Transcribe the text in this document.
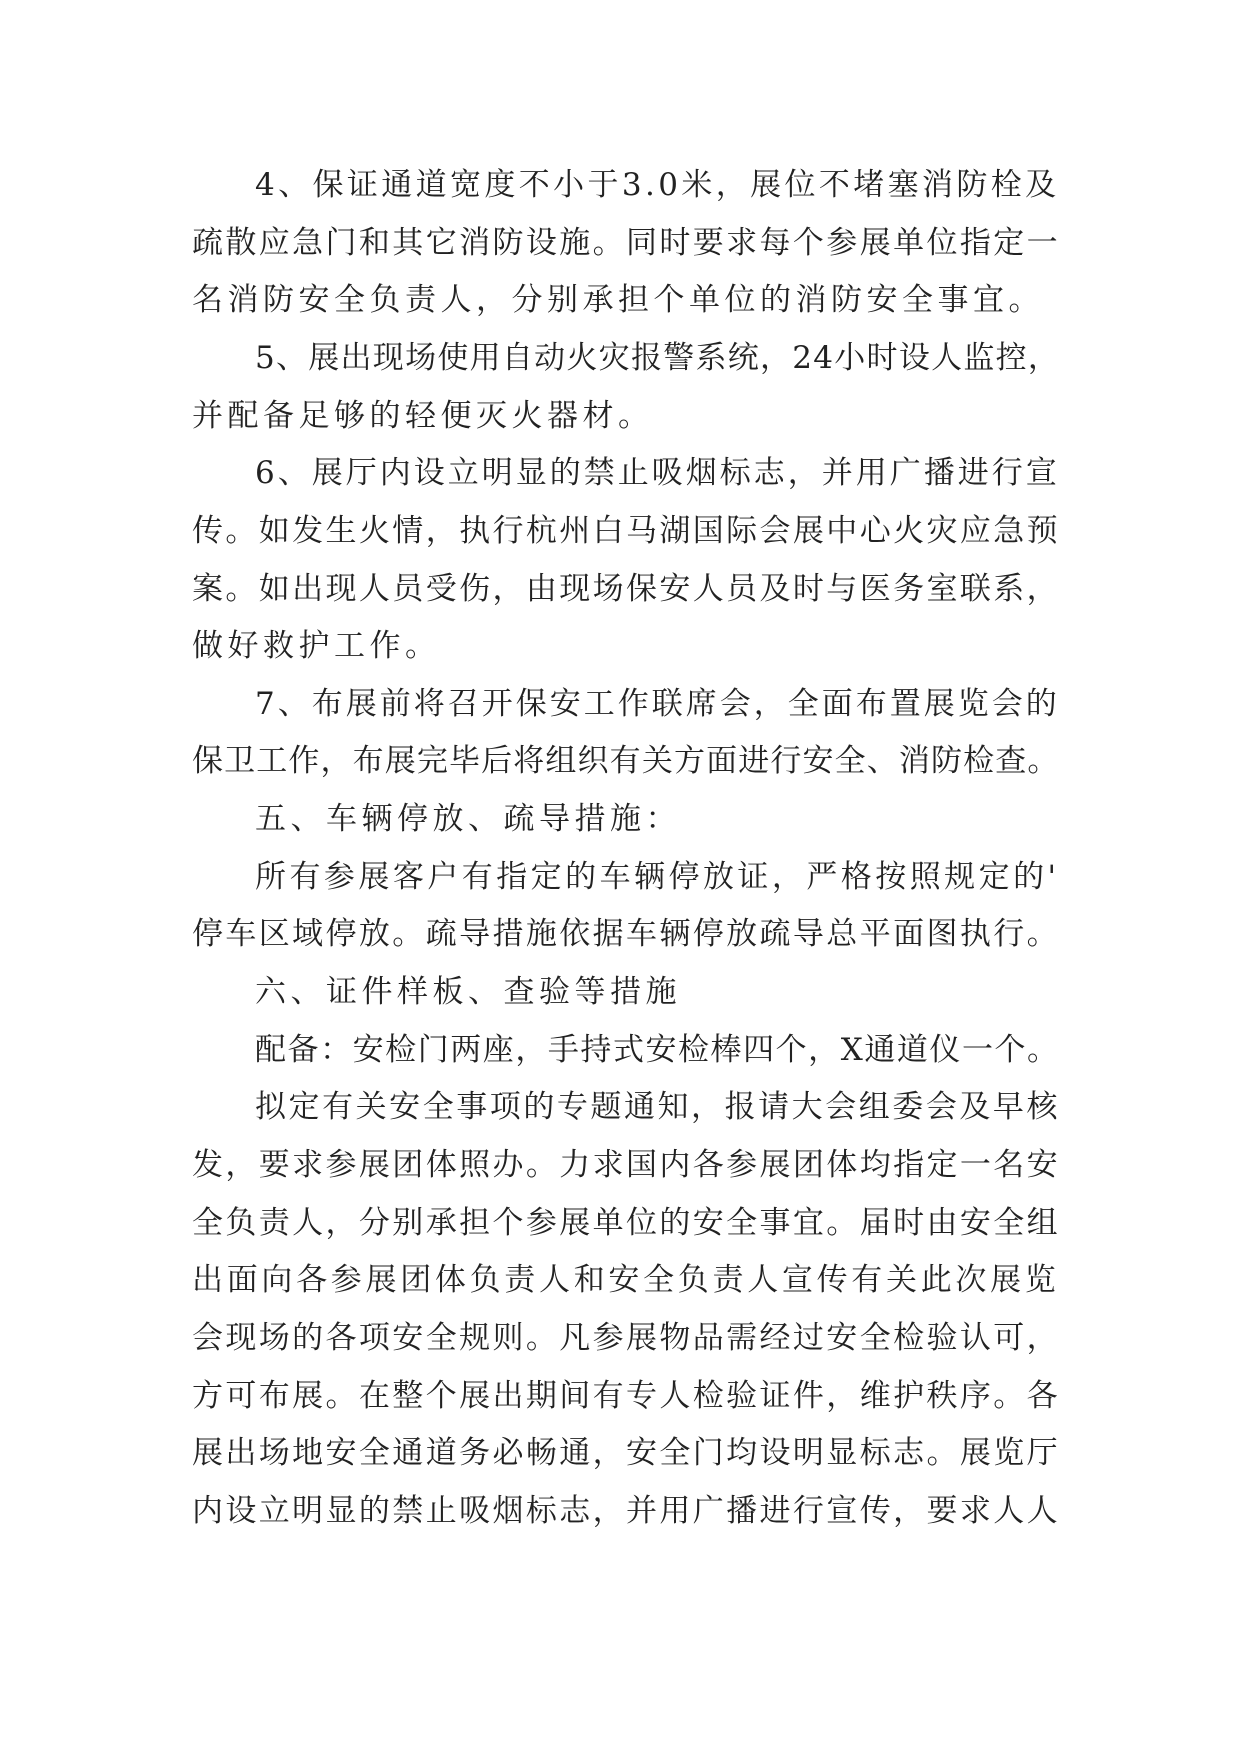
4、保证通道宽度不小于3.0米，展位不堵塞消防栓及
疏散应急门和其它消防设施。同时要求每个参展单位指定一
名消防安全负责人，分别承担个单位的消防安全事宜。
5、展出现场使用自动火灾报警系统，24小时设人监控，
并配备足够的轻便灭火器材。
6、展厅内设立明显的禁止吸烟标志，并用广播进行宣
传。如发生火情，执行杭州白马湖国际会展中心火灾应急预
案。如出现人员受伤，由现场保安人员及时与医务室联系，
做好救护工作。
7、布展前将召开保安工作联席会，全面布置展览会的
保卫工作，布展完毕后将组织有关方面进行安全、消防检查。
五、车辆停放、疏导措施：
所有参展客户有指定的车辆停放证，严格按照规定的'
停车区域停放。疏导措施依据车辆停放疏导总平面图执行。
六、证件样板、查验等措施
配备：安检门两座，手持式安检棒四个，X通道仪一个。
拟定有关安全事项的专题通知，报请大会组委会及早核
发，要求参展团体照办。力求国内各参展团体均指定一名安
全负责人，分别承担个参展单位的安全事宜。届时由安全组
出面向各参展团体负责人和安全负责人宣传有关此次展览
会现场的各项安全规则。凡参展物品需经过安全检验认可，
方可布展。在整个展出期间有专人检验证件，维护秩序。各
展出场地安全通道务必畅通，安全门均设明显标志。展览厅
内设立明显的禁止吸烟标志，并用广播进行宣传，要求人人
